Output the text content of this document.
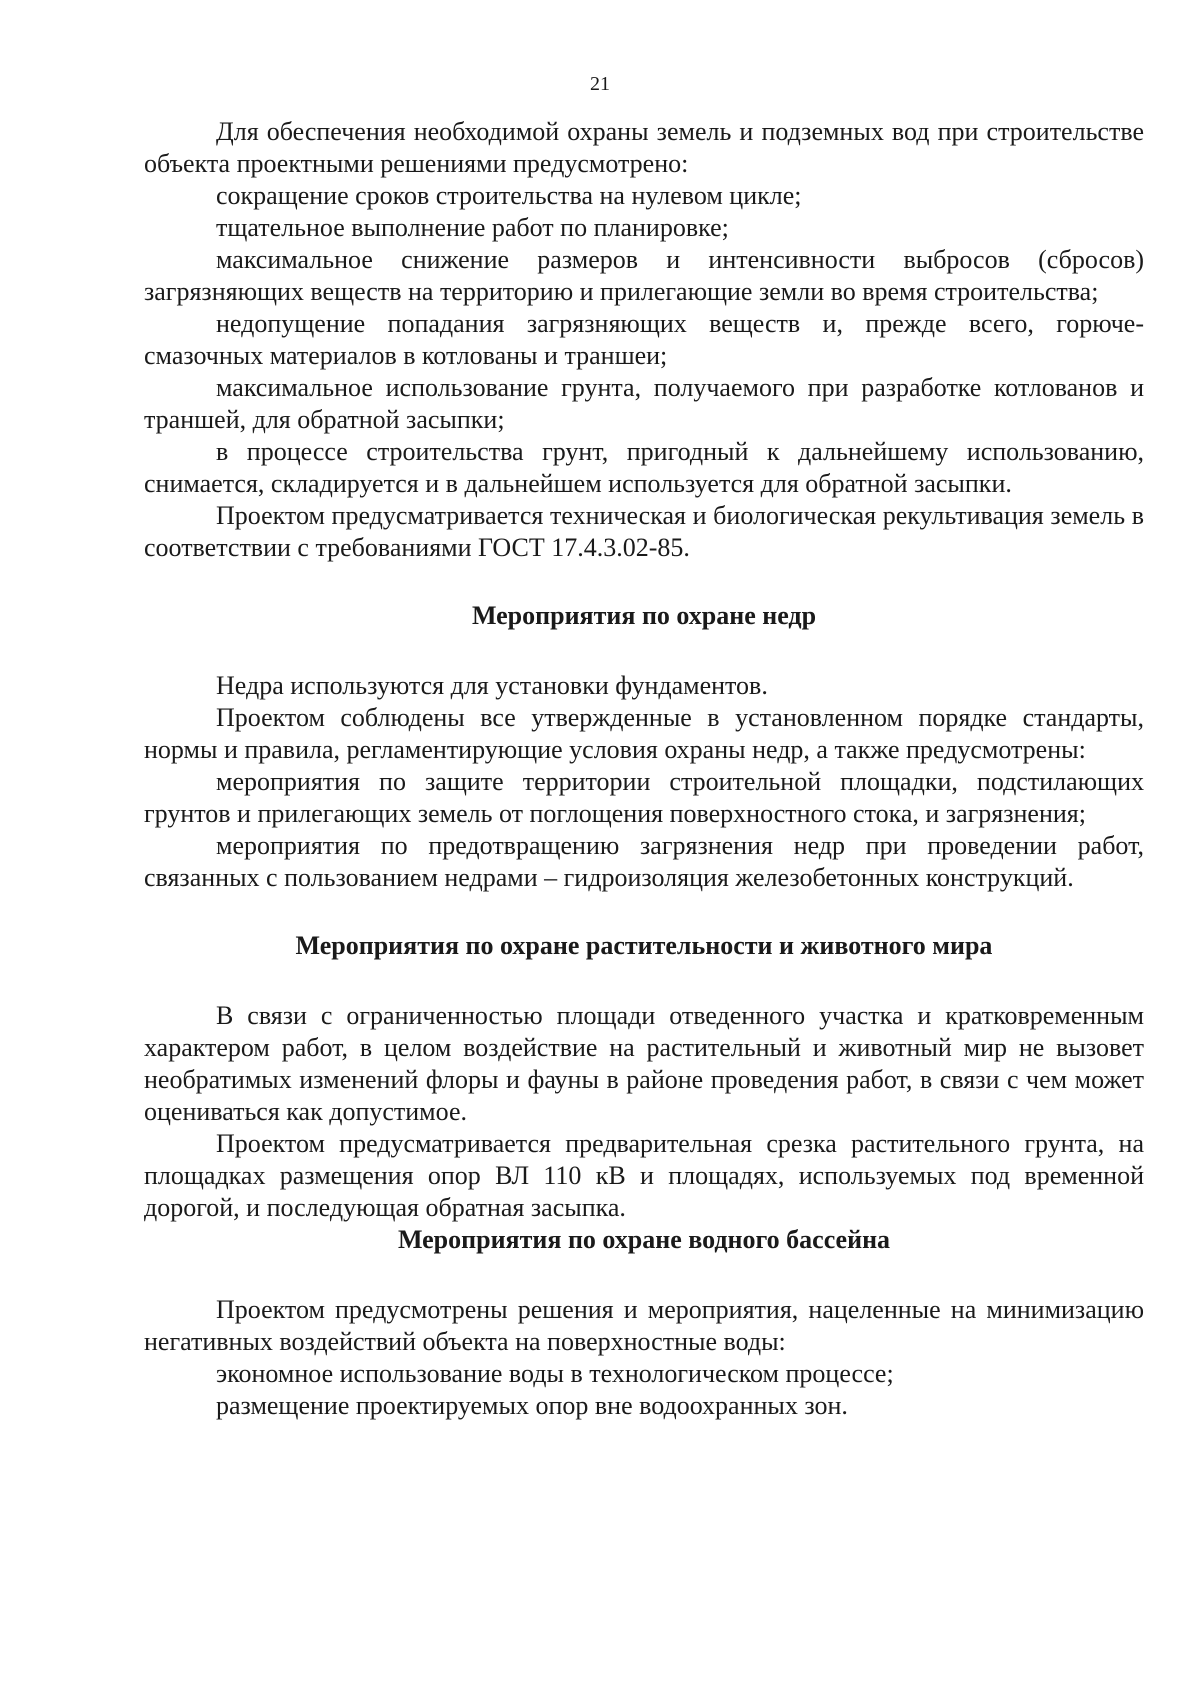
21

Для обеспечения необходимой охраны земель и подземных вод при строительстве объекта проектными решениями предусмотрено:

сокращение сроков строительства на нулевом цикле;

тщательное выполнение работ по планировке;

максимальное снижение размеров и интенсивности выбросов (сбросов) загрязняющих веществ на территорию и прилегающие земли во время строительства;

недопущение попадания загрязняющих веществ и, прежде всего, горюче-смазочных материалов в котлованы и траншеи;

максимальное использование грунта, получаемого при разработке котлованов и траншей, для обратной засыпки;

в процессе строительства грунт, пригодный к дальнейшему использованию, снимается, складируется и в дальнейшем используется для обратной засыпки.

Проектом предусматривается техническая и биологическая рекультивация земель в соответствии с требованиями ГОСТ 17.4.3.02-85.

Мероприятия по охране недр

Недра используются для установки фундаментов.

Проектом соблюдены все утвержденные в установленном порядке стандарты, нормы и правила, регламентирующие условия охраны недр, а также предусмотрены:

мероприятия по защите территории строительной площадки, подстилающих грунтов и прилегающих земель от поглощения поверхностного стока, и загрязнения;

мероприятия по предотвращению загрязнения недр при проведении работ, связанных с пользованием недрами – гидроизоляция железобетонных конструкций.

Мероприятия по охране растительности и животного мира

В связи с ограниченностью площади отведенного участка и кратковременным характером работ, в целом воздействие на растительный и животный мир не вызовет необратимых изменений флоры и фауны в районе проведения работ, в связи с чем может оцениваться как допустимое.

Проектом предусматривается предварительная срезка растительного грунта, на площадках размещения опор ВЛ 110 кВ и площадях, используемых под временной дорогой, и последующая обратная засыпка.

Мероприятия по охране водного бассейна

Проектом предусмотрены решения и мероприятия, нацеленные на минимизацию негативных воздействий объекта на поверхностные воды:

экономное использование воды в технологическом процессе;

размещение проектируемых опор вне водоохранных зон.
